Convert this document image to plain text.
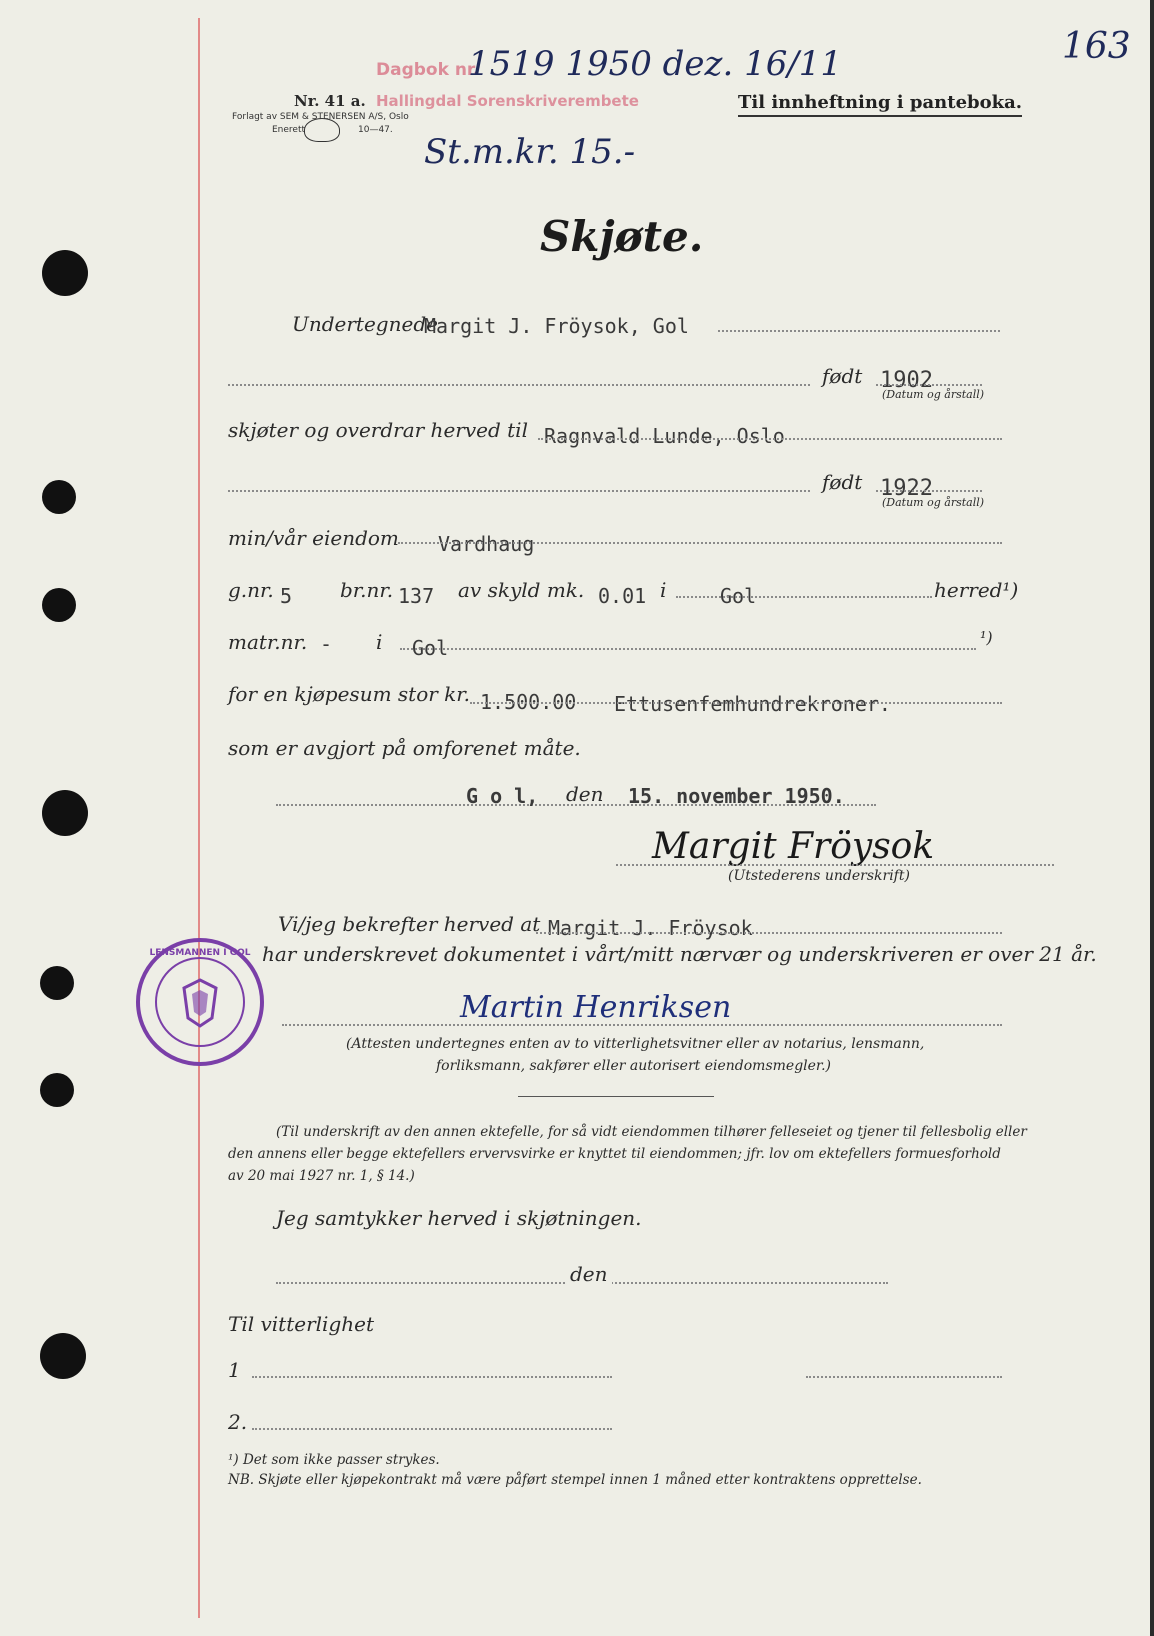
Nr. 41 a.
Forlagt av SEM & STENERSEN A/S, Oslo
Enerett	10—47.
Dagbok nr.
Hallingdal Sorenskriverembete
1519 1950 dez. 16/11
St.m.kr. 15.-
163
Til innheftning i panteboka.
Skjøte.
Undertegnede
Margit J. Fröysok, Gol
født 1902
(Datum og årstall)
skjøter og overdrar herved til Ragnvald Lunde, Oslo
født 1922
(Datum og årstall)
min/vår eiendom Vardhaug
g.nr. 5 br.nr. 137 av skyld mk. 0.01 i	Gol	herred¹)
matr.nr. - i Gol	¹)
for en kjøpesum stor kr. 1.500.00 Ettusenfemhundrekroner.
som er avgjort på omforenet måte.
G o l, den 15. november 1950.
Margit Fröysok
(Utstederens underskrift)
Vi/jeg bekrefter herved at Margit J. Fröysok
har underskrevet dokumentet i vårt/mitt nærvær og underskriveren er over 21 år.
LENSMANNEN I GOL
Martin Henriksen
(Attesten undertegnes enten av to vitterlighetsvitner eller av notarius, lensmann,
forliksmann, sakfører eller autorisert eiendomsmegler.)
(Til underskrift av den annen ektefelle, for så vidt eiendommen tilhører felleseiet og tjener til fellesbolig eller
den annens eller begge ektefellers ervervsvirke er knyttet til eiendommen; jfr. lov om ektefellers formuesforhold
av 20 mai 1927 nr. 1, § 14.)
Jeg samtykker herved i skjøtningen.
den
Til vitterlighet
1
2.
¹) Det som ikke passer strykes.
NB. Skjøte eller kjøpekontrakt må være påført stempel innen 1 måned etter kontraktens opprettelse.
